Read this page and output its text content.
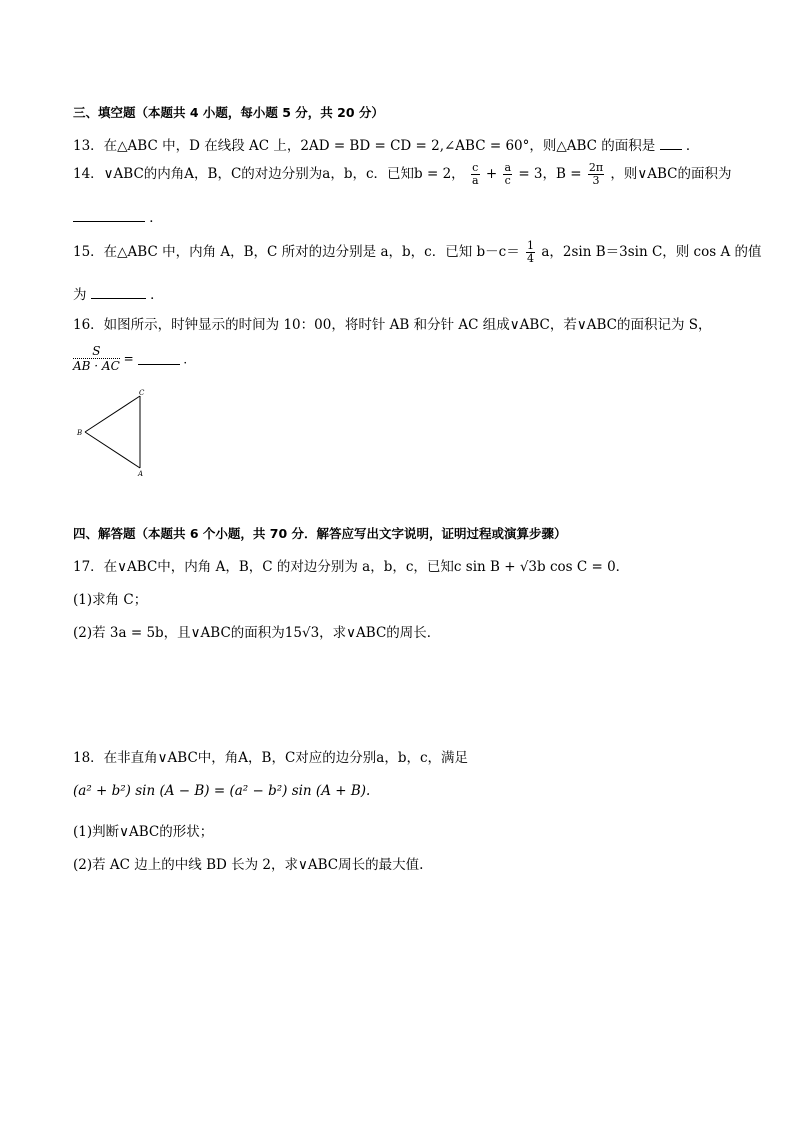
三、填空题（本题共 4 小题，每小题 5 分，共 20 分）
13．在△ABC 中，D 在线段 AC 上，2AD = BD = CD = 2,∠ABC = 60°，则△ABC 的面积是 ．
14．∨ABC的内角A，B，C的对边分别为a，b，c．已知b = 2， $\frac{c}{a} + \frac{a}{c} = 3$，$B = \frac{2\pi}{3}$ ，则∨ABC的面积为
．
15．在△ABC 中，内角 A，B，C 所对的边分别是 a，b，c．已知 $b-c= \frac{1}{4}$ a，2sin B＝3sin C，则 cos A 的值
为	．
16．如图所示，时钟显示的时间为 10：00，将时针 AB 和分针 AC 组成∨ABC，若∨ABC的面积记为 S，
$\frac{S}{AB \cdot AC}$ =	．
C
B
A
四、解答题（本题共 6 个小题，共 70 分．解答应写出文字说明，证明过程或演算步骤）
17．在∨ABC中，内角 A，B，C 的对边分别为 a，b，c，已知c sin B + √3b cos C = 0．
(1)求角 C；
(2)若 3a = 5b，且∨ABC的面积为15√3，求∨ABC的周长．
18．在非直角∨ABC中，角A，B，C对应的边分别a，b，c，满足
(a² + b²) sin (A − B) = (a² − b²) sin (A + B).
(1)判断∨ABC的形状；
(2)若 AC 边上的中线 BD 长为 2，求∨ABC周长的最大值.
